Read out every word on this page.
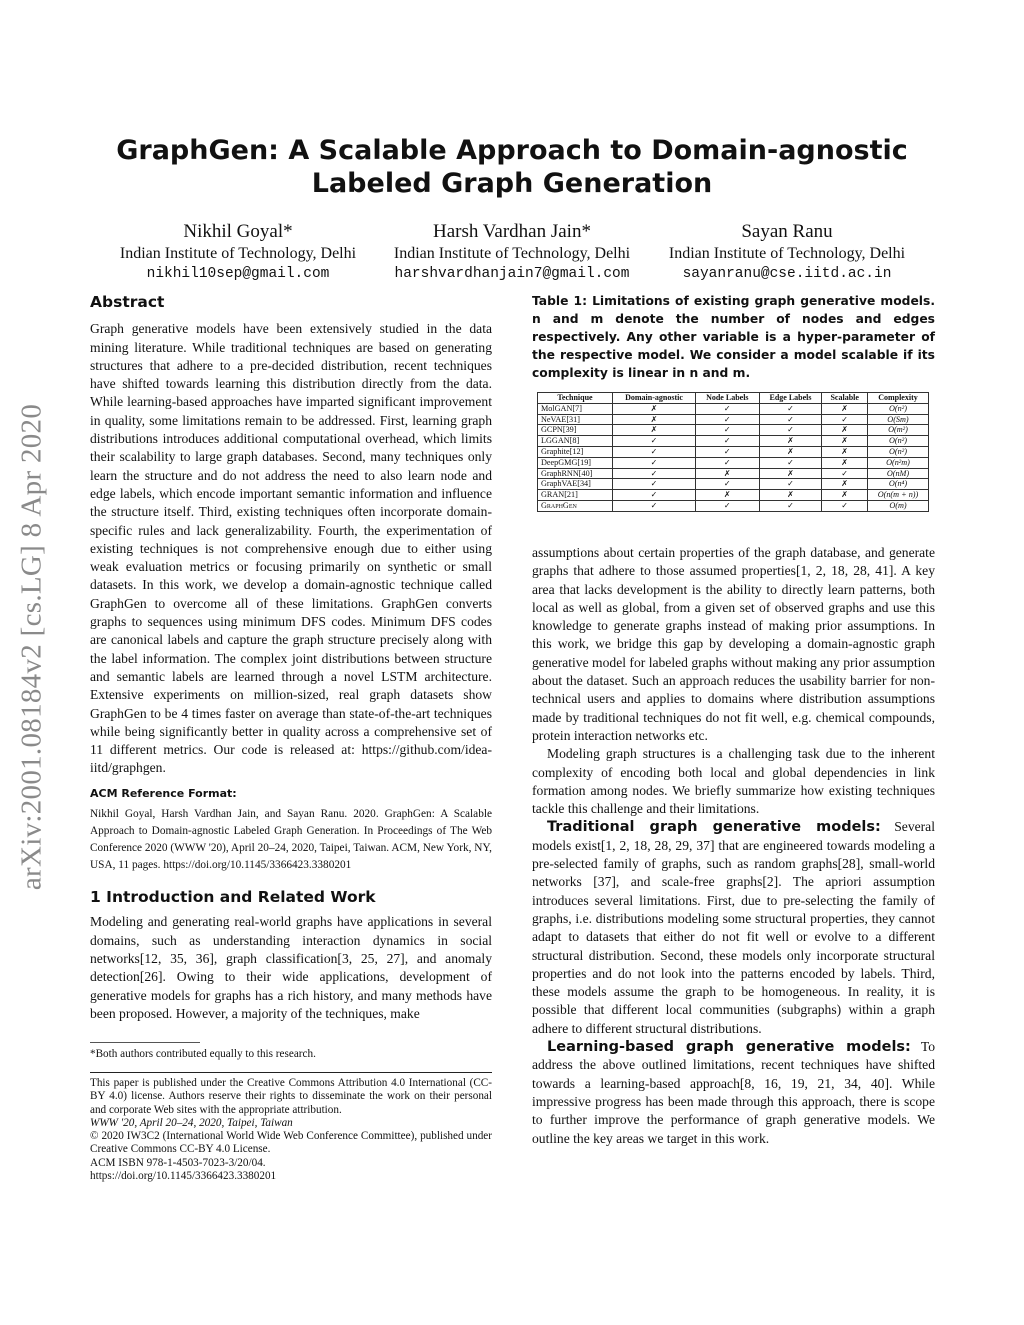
arXiv:2001.08184v2 [cs.LG] 8 Apr 2020
GraphGen: A Scalable Approach to Domain-agnostic Labeled Graph Generation
Nikhil Goyal*
Indian Institute of Technology, Delhi
nikhil10sep@gmail.com
Harsh Vardhan Jain*
Indian Institute of Technology, Delhi
harshvardhanjain7@gmail.com
Sayan Ranu
Indian Institute of Technology, Delhi
sayanranu@cse.iitd.ac.in
Abstract

Graph generative models have been extensively studied in the data mining literature. While traditional techniques are based on generating structures that adhere to a pre-decided distribution, recent techniques have shifted towards learning this distribution directly from the data. While learning-based approaches have imparted significant improvement in quality, some limitations remain to be addressed. First, learning graph distributions introduces additional computational overhead, which limits their scalability to large graph databases. Second, many techniques only learn the structure and do not address the need to also learn node and edge labels, which encode important semantic information and influence the structure itself. Third, existing techniques often incorporate domain-specific rules and lack generalizability. Fourth, the experimentation of existing techniques is not comprehensive enough due to either using weak evaluation metrics or focusing primarily on synthetic or small datasets. In this work, we develop a domain-agnostic technique called GraphGen to overcome all of these limitations. GraphGen converts graphs to sequences using minimum DFS codes. Minimum DFS codes are canonical labels and capture the graph structure precisely along with the label information. The complex joint distributions between structure and semantic labels are learned through a novel LSTM architecture. Extensive experiments on million-sized, real graph datasets show GraphGen to be 4 times faster on average than state-of-the-art techniques while being significantly better in quality across a comprehensive set of 11 different metrics. Our code is released at: https://github.com/idea-iitd/graphgen.

ACM Reference Format:

Nikhil Goyal, Harsh Vardhan Jain, and Sayan Ranu. 2020. GraphGen: A Scalable Approach to Domain-agnostic Labeled Graph Generation. In Proceedings of The Web Conference 2020 (WWW '20), April 20–24, 2020, Taipei, Taiwan. ACM, New York, NY, USA, 11 pages. https://doi.org/10.1145/3366423.3380201

1 Introduction and Related Work

Modeling and generating real-world graphs have applications in several domains, such as understanding interaction dynamics in social networks[12, 35, 36], graph classification[3, 25, 27], and anomaly detection[26]. Owing to their wide applications, development of generative models for graphs has a rich history, and many methods have been proposed. However, a majority of the techniques, make

*Both authors contributed equally to this research.
This paper is published under the Creative Commons Attribution 4.0 International (CC-BY 4.0) license. Authors reserve their rights to disseminate the work on their personal and corporate Web sites with the appropriate attribution.
WWW '20, April 20–24, 2020, Taipei, Taiwan
© 2020 IW3C2 (International World Wide Web Conference Committee), published under Creative Commons CC-BY 4.0 License.
ACM ISBN 978-1-4503-7023-3/20/04.
https://doi.org/10.1145/3366423.3380201
Table 1: Limitations of existing graph generative models. n and m denote the number of nodes and edges respectively. Any other variable is a hyper-parameter of the respective model. We consider a model scalable if its complexity is linear in n and m.
Technique	Domain-agnostic	Node Labels	Edge Labels	Scalable	Complexity
MolGAN[7]	✗	✓	✓	✗	O(n²)
NeVAE[31]	✗	✓	✓	✓	O(Sm)
GCPN[39]	✗	✓	✓	✗	O(m²)
LGGAN[8]	✓	✓	✗	✗	O(n²)
Graphite[12]	✓	✓	✗	✗	O(n²)
DeepGMG[19]	✓	✓	✓	✗	O(n²m)
GraphRNN[40]	✓	✗	✗	✓	O(nM)
GraphVAE[34]	✓	✓	✓	✗	O(n⁴)
GRAN[21]	✓	✗	✗	✗	O(n(m + n))
GraphGen	✓	✓	✓	✓	O(m)

assumptions about certain properties of the graph database, and generate graphs that adhere to those assumed properties[1, 2, 18, 28, 41]. A key area that lacks development is the ability to directly learn patterns, both local as well as global, from a given set of observed graphs and use this knowledge to generate graphs instead of making prior assumptions. In this work, we bridge this gap by developing a domain-agnostic graph generative model for labeled graphs without making any prior assumption about the dataset. Such an approach reduces the usability barrier for non-technical users and applies to domains where distribution assumptions made by traditional techniques do not fit well, e.g. chemical compounds, protein interaction networks etc.

Modeling graph structures is a challenging task due to the inherent complexity of encoding both local and global dependencies in link formation among nodes. We briefly summarize how existing techniques tackle this challenge and their limitations.

Traditional graph generative models: Several models exist[1, 2, 18, 28, 29, 37] that are engineered towards modeling a pre-selected family of graphs, such as random graphs[28], small-world networks [37], and scale-free graphs[2]. The apriori assumption introduces several limitations. First, due to pre-selecting the family of graphs, i.e. distributions modeling some structural properties, they cannot adapt to datasets that either do not fit well or evolve to a different structural distribution. Second, these models only incorporate structural properties and do not look into the patterns encoded by labels. Third, these models assume the graph to be homogeneous. In reality, it is possible that different local communities (subgraphs) within a graph adhere to different structural distributions.

Learning-based graph generative models: To address the above outlined limitations, recent techniques have shifted towards a learning-based approach[8, 16, 19, 21, 34, 40]. While impressive progress has been made through this approach, there is scope to further improve the performance of graph generative models. We outline the key areas we target in this work.
